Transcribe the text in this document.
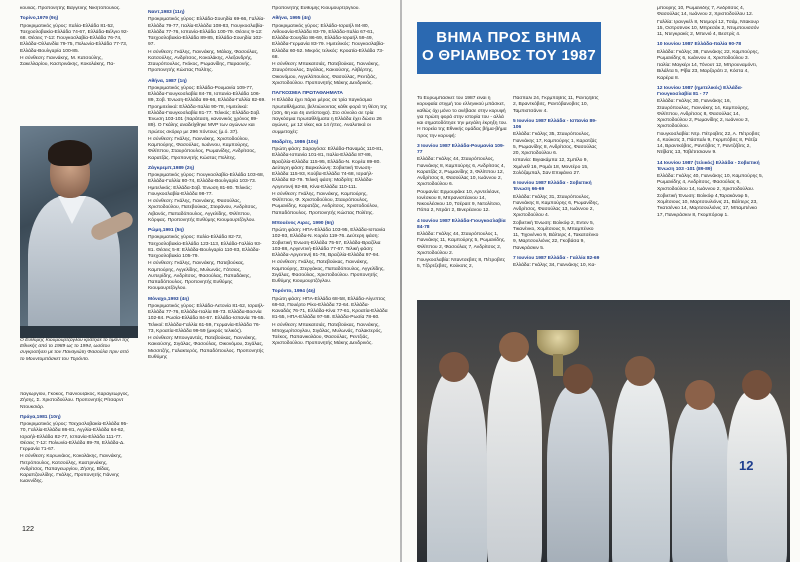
κουλας. Προπονητής Βαγγέλης Νικητόπουλος.

Τορίνο,1979 (9η)

Προκριματικός γύρος: Ιταλία-Ελλάδα 81-52, Τσεχοσλοβακία-Ελλάδα 74-67, Ελλάδα-Βέλγιο 92-68. Θέσεις 7-12: Γιουγκοσλαβία-Ελλάδα 76-74, Ελλάδα-Ολλανδία 79-75, Πολωνία-Ελλάδα 77-73, Ελλάδα-Βουλγαρία 100-85.

Η σύνθεση: Γιαννάκης, Μ. Κατσούλης, Σακελλαρίου, Καστρινάκης, Κοκολάκης, Πα-

Ο Ευθύμης Κιουμουρτζόγλου κράτησε το τιμόνι της Εθνικής από το 1989 ως το 1994, ωσότου συγκροτήσει με τον Παναγιώτη Φασούλα πριν από το Μουντομπάσκετ του Τορόντο.

παγιωργίου, Γκόκος, Γιαννουζάκος, Καραγεώργος, Ζήσης, Σ. Χριστοδούλου. Προπονητής Ρίτσαρντ Ντουκσιάρ.

Πράγα,1981 (10η)

Προκριματικός γύρος: Τσεχοσλοβακία-Ελλάδα 95-70, Γαλλία-Ελλάδα 86-81, Αγγλία-Ελλάδα 64-62, Ισραήλ-Ελλάδα 82-77, Ισπανία-Ελλάδα 111-77. Θέσεις 7-12: Πολωνία-Ελλάδα 89-78, Ελλάδα-Δ. Γερμανία 71-67.

Η σύνθεση: Κορωνάιος, Κοκολάκης, Γιαννάκης, Πετρόπουλος, Κατσούλης, Καστρινάκης, Ανδρίτσος, Παπαγεωργίου, Ζήσης, Βίδας, Καραπζουλίδης. Γκάλης, Προπονητής Γιάννης Ιωαννίδης.

Ναντ,1983 (11η)

Προκριματικός γύρος: Ελλάδα-Σουηδία 69-66, Γαλλία-Ελλάδα 79-77, Ιταλία-Ελλάδα 108-83, Γιουγκοσλαβία-Ελλάδα 77-76, Ισπανία-Ελλάδα 100-79. Θέσεις 9-12: Τσεχοσλοβακία-Ελλάδα 89-85, Ελλάδα-Σουηδία 102-97.

Η σύνθεση: Γκάλης, Γιαννάκης, Μάλαχ, Φασούλας, Κατσούλης, Ανδρίτσος, Κοκολάκης, Αλεξανδρής, Σταυρόπουλος, Γκόκος, Ρωμανίδης, Παραονής. Προπονητής Κώστας Πολίτης.

Αθήνα, 1987 (1η)

Προκριματικός γύρος: Ελλάδα-Ρουμανία 109-77, Ελλάδα-Γιουγκοσλαβία 84-78, Ισπανία-Ελλάδα 106-89, Σοβ. Ένωση-Ελλάδα 69-66, Ελλάδα-Γαλλία 82-69. Προημιτελικά: Ελλάδα-Ιταλία 90-78, Ημιτελικά: Ελλάδα-Γιουγκοσλαβία 81-77. Τελικός: Ελλάδα-Σοβ. Ένωση 103-101 (παράταση, κανονικός χρόνος 89-89). Ο Γκάλης αναδείχθηκε MVP των αγώνων και πρώτος σκόρερ με 296 πόντους (μ.ό. 37).

Η σύνθεση: Γκάλης, Γιαννάκης, Χριστοδούλου, Καμπούρης, Φασούλας, Ιωάννου, Καμπούρης, Φιλίππου, Σταυρόπουλος, Ρωμανίδης, Ανδρίτσος, Καρατζάς. Προπονητής Κώστας Πολίτης.

Ζάγκρεμπ,1989 (2η)

Προκριματικός γύρος: Γιουγκοσλαβία-Ελλάδα 103-68, Ελλάδα-Γαλλία 80-74, Ελλάδα-Βουλγαρία 103-73. Ημιτελικός: Ελλάδα-Σοβ. Ένωση 81-80. Τελικός: Γιουγκοσλαβία-Ελλάδα 98-77.

Η σύνθεση: Γκάλης, Γιαννάκης, Φασούλας, Χριστοδούλου, Πατεβούκας, Στεφάνου, Ανδρίτσος, Λιβανός, Παπαδόπουλος, Αγγελίδης, Φιλίππου, Κόρφας. Προπονητής Ευθύμης Κιουμουρτζόγλου.

Ρώμη,1991 (5η)

Προκριματικός γύρος: Ιταλία-Ελλάδα 82-72, Τσεχοσλοβακία-Ελλάδα 123-113, Ελλάδα-Γαλλία 93-81. Θέσεις 5-8: Ελλάδα-Βουλγαρία 110-83, Ελλάδα-Τσεχοσλοβακία 105-79.

Η σύνθεση: Γκάλης, Γιαννάκης, Πατεβούκας, Καμπούρης, Αγγελίδης, Μυλωνάς, Γάτσιος, Λυπερίδης, Ανδρίτσος, Φασούλας, Παπαδάκης, Παπαδόπουλος. Προπονητής Ευθύμης Κιουμουρτζόγλου.

Μόναχο,1993 (4η)

Προκριματικός γύρος: Ελλάδα-Λετονία 81-62, Ισραήλ-Ελλάδα 77-76, Ελλάδα-Ιταλία 88-73. Ελλάδα-Βοσνία 102-84. Ρωσία-Ελλάδα 84-67. Ελλάδα-Ισπανία 76-55. Τελικοί: Ελλάδα-Γαλλία 61-59, Γερμανία-Ελλάδα 76-73, Κροατία-Ελλάδα 99-59 (μικρός τελικός).

Η σύνθεση: Μπουγαντάς, Πατεβούκας, Γιαννάκης, Κακιούσης, Σιγάλας, Φασούλας, Οικονόμου, Σιγάλας, Μισσιτζής, Γαλακτερός, Παπαδόπουλος. Προπονητής Ευθύμης

Προπονητής Ευθύμης Κιουμουρτζόγλου.

Αθήνα, 1995 (4η)

Προκριματικός γύρος: Ελλάδα-Ισραήλ 84-80, Λιθουανία-Ελλάδα 83-79, Ελλάδα-Ιταλία 67-61, Ελλάδα-Σουηδία 86-69, Ελλάδα-Ισραήλ 59-49, Ελλάδα-Γερμανία 83-79. Ημιτελικός: Γιουγκοσλαβία-Ελλάδα 60-52. Μικρός τελικός: Κροατία-Ελλάδα 73-68.

Η σύνθεση: Μπακατσιάς, Πατεβούκας, Γιαννάκης, Σταυρόπουλος, Σιγάλας, Κακιούσης, Αλβέρτης, Οικονόμου, Αγγελόπουλος, Φασούλας, Ρεντζιάς, Χριστοδούλου. Προπονητής Μάκης Δενδρινός.

ΠΑΓΚΟΣΜΙΑ ΠΡΩΤΑΘΛΗΜΑΤΑ

Η Ελλάδα έχει πάρει μέρος σε τρία παγκόσμια πρωταθλήματα, βελτιώνοντας κάθε φορά τη θέση της (10η, 6η και 4η αντίστοιχα). Στο σύνολο σε τρία παγκόσμια πρωταθλήματα η Ελλάδα έχει δώσει 26 αγώνες, με 12 νίκες και 14 ήττες. Αναλυτικά οι συμμετοχές:

Μαδρίτη, 1986 (10η)

Πρώτη φάση: Σαραγόσα: Ελλάδα-Παναμάς 110-81, Ελλάδα-Ισπανία 101-81, Ιταλία-Ελλάδα 87-86, Βραζιλία-Ελλάδα 115-95, Ελλάδα-Ν. Κορέα 89-80. Δεύτερη φάση: Βαρκελώνη: Σοβιετική Ένωση-Ελλάδα 115-93, Κούβα-Ελλάδα 74-68, Ισραήλ-Ελλάδα 82-79. Τελική φάση: Μαδρίτη: Ελλάδα-Αργεντινή 92-88, Κίνα-Ελλάδα 110-111.

Η σύνθεση: Γκάλης, Γιαννάκης, Καμπούρης, Φιλίππου, Φ. Χριστοδούλου, Σταυρόπουλος, Ρωμανίδης, Καρατζάς, Ανδρίτσος, Χριστοδούλου, Παπαδόπουλος. Προπονητής Κώστας Πολίτης.

Μπουένος Αιρες, 1990 (6η)

Πρώτη φάση: ΗΠΑ-Ελλάδα 103-95, Ελλάδα-Ισπανία 102-93, Ελλάδα-Ν. Κορέα 119-76. Δεύτερη φάση: Σοβιετική Ένωση-Ελλάδα 75-57, Ελλάδα-Βραζίλια 103-88, Αργεντινή-Ελλάδα 77-67. Τελική φάση: Ελλάδα-Αργεντινή 81-78, Βραζιλία-Ελλάδα 97-94.

Η σύνθεση: Γκάλης, Πατεβούκας, Γιαννάκης, Καμπούρης, Στεργάκος, Παπαδόπουλος, Αγγελίδης, Σιγάλας, Φασούλας, Χριστοδούλου. Προπονητής Ευθύμης Κιουμουρτζόγλου.

Τορόντο, 1994 (4η)

Πρώτη φάση: ΗΠΑ-Ελλάδα 68-58, Ελλάδα-Αίγυπτος 69-53, Πουέρτο Ρίκο-Ελλάδα 72-64. Ελλάδα-Καναδάς 76-71, Ελλάδα-Κίνα 77-61, Κροατία-Ελλάδα 81-55, ΗΠΑ-Ελλάδα 97-58. Ελλάδα-Ρωσία 78-60.

Η σύνθεση: Μπακατσιάς, Πατεβούκας, Γιαννάκης, Μποχωρίτσογλου, Σιγάλας, Μυλωνάς, Γαλακτερός, Τσέκος, Παπανικολάου, Φασούλας, Ρεντζιάς, Χριστοδούλου. Προπονητής Μάκης Δενδρινός.

122
ΒΗΜΑ ΠΡΟΣ ΒΗΜΑ
Ο ΘΡΙΑΜΒΟΣ ΤΟΥ 1987

Το Ευρωμπάσκετ του 1987 είναι η κορυφαία στιγμή του ελληνικού μπάσκετ, καθώς όχι μόνο το ανέβασε στην κορυφή για πρώτη φορά στην ιστορία του - αλλά και σηματοδότησε την μεγάλη έκρηξη του. Η πορεία της Εθνικής ομάδας βήμα-βήμα προς την κορυφή:

3 Ιουνίου 1987 Ελλάδα-Ρουμανία 109-77

Ελλάδα: Γκάλης 44, Σταυρόπουλος, Γιαννάκης 8, Καμπούρης 6, Ανδρίτσος 4, Καρατζάς 2, Ρωμανίδης 3, Φιλίππου 12, Ανδρίτσος 6, Φασούλας 10, Ιωάννου 2, Χριστοδούλου 6.

Ρουμανία: Ερμουράκε 10, Αρντελέανε, Ιονέσκου 8, Μπρανιστέανου 14, Νικουλέσκου 10, Τσέραιτ 9, Νετολίτσιο, Πόπα 2, Ντράιτ 2, Βινερέανου 12.

4 Ιουνίου 1987 Ελλάδα-Γιουγκοσλαβία 84-78

Ελλάδα: Γκάλης 44, Σταυρόπουλος 1, Γιαννάκης 11, Καμπούρης 5, Ρωμανίδης, Φιλίππου 2, Φασούλας 7, Ανδρίτσος 2, Χριστοδούλου 2.

Γιουγκοσλαβία: Νταντσεβιτς 8, Πέτροβιτς 5, Τζόρτζεβιτς, Κούκοτς 2,

Πάσπαλι 24, Γκρμπόβιτς 11, Ραντζέβιτς 2, Βραντκόβιτς, Ραντόβανοβιτς 10, Ταμπιστσάνιν 4.

5 Ιουνίου 1987 Ελλάδα - Ισπανία 89-106

Ελλάδα: Γκάλης 35, Σταυρόπουλος, Γιαννάκης 17, Καμπούρης 1, Καρατζάς 5, Ρωμανίδης 8, Ανδρίτσος, Φασούλας 20, Χριστοδούλου 6.

Ισπανία: Βιγιακάμπα 12, Σμπίλο 9, Χιμένεθ 16, Ρομάι 18, Μοντέρο 15, Σολόζαμπαλ, Σαν Επιφάνιο 27.

6 Ιουνίου 1987 Ελλάδα - Σοβιετική Ένωση 66-69

Ελλάδα: Γκάλης 31, Σταυρόπουλος, Γιαννάκης 8, Καμπούρης 6, Ρωμανίδης, Ανδρίτσος, Φασούλας 13, Ιωάννου 2, Χριστοδούλου 4.

Σοβιετική Ένωση: Βολκόφ 2, Εντεν 5, Τικανένκο, Χομίτσιους 5, Μπαμπένκο 11, Τιχονένκο 9, Βάλτερς 4, Τακατσένκο 9, Μαρτσουλιόνις 22, Γκοβάσα 9, Πανκράσκιν 5.

7 Ιουνίου 1987 Ελλάδα - Γαλλία 82-69

Ελλάδα: Γκάλης 34, Γιαννάκης 10, Κα-

μπούρης 10, Ρωμανίδης 7, Ανδρίτσος 4, Φασούλας 14, Ιωάννου 2, Χριστοδούλου 12.

Γαλλία: Ιρανγκέλ 8, Ντεμορί 12, Τσάμ, Ντακουρ 15, Οστροτινοκ 10, Μπρεσάκ 2, Ντυμπουισσόν 11, Ντεγκρακίς 2, Μπενιό 4, Βεστρίς 4.

10 Ιουνίου 1987 Ελλάδα-Ιταλία 90-78

Ελλάδα: Γκάλης 38, Γιαννάκης 22, Καμπούρης, Ρωμανίδης 6, Ιωάννου 4, Χριστοδούλου 3.

Ιταλία: Μαγκέρι 14, Τόνουτ 12, Μπρουναμόντι, Βιλάλτα 5, Ρίβα 23, Μαρζοράτι 2, Κόστα 4, Καρέρα 8.

12 Ιουνίου 1987 (ημιτελικός) Ελλάδα-Γιουγκοσλαβία 81 - 77

Ελλάδα: Γκάλης 30, Γιαννάκης 16, Σταυρόπουλος, Γιαννάκης 14, Καμπούρης, Φιλίππου, Ανδρίτσος 8, Φασούλας 14, Χριστοδούλου 2, Ρωμανίδης 2, Ιωάννου 3, Χριστοδούλου.

Γιουγκοσλαβία: Ντρ. Πέτροβιτς 22, Α. Πέτροβιτς 4, Κούκοτς 3, Πάσπαλι 9, Γκρμπόβιτς 8, Ράτζα 14, Βραντκόβιτς, Ραντόβιτς 7, Ραντζέβιτς 2, Ντίβατς 13, Τσβέτιτσιανιν 9.

14 Ιουνίου 1987 (τελικός) Ελλάδα - Σοβιετική Ένωση 103 -101 (89-89)

Ελλάδα: Γκάλης 40, Γιαννάκης 10, Καμπούρης 5, Ρωμανίδης 4, Ανδρίτσος, Φασούλας 6, Χριστοδούλου 14, Ιωάννου 2, Χριστοδούλου.

Σοβιετική Ένωση: Βολκόφ 4,Ταρακάνοφ 5, Χομίτσιους 10, Μαρτσουλιόνις 21, Βάλτερς 23, Τκατσένκο 14, Μαρτσουλιόνις 17, Μπαμπένκο 17, Πανκράσκιν 8, Γκομπόροφ 1.

12
